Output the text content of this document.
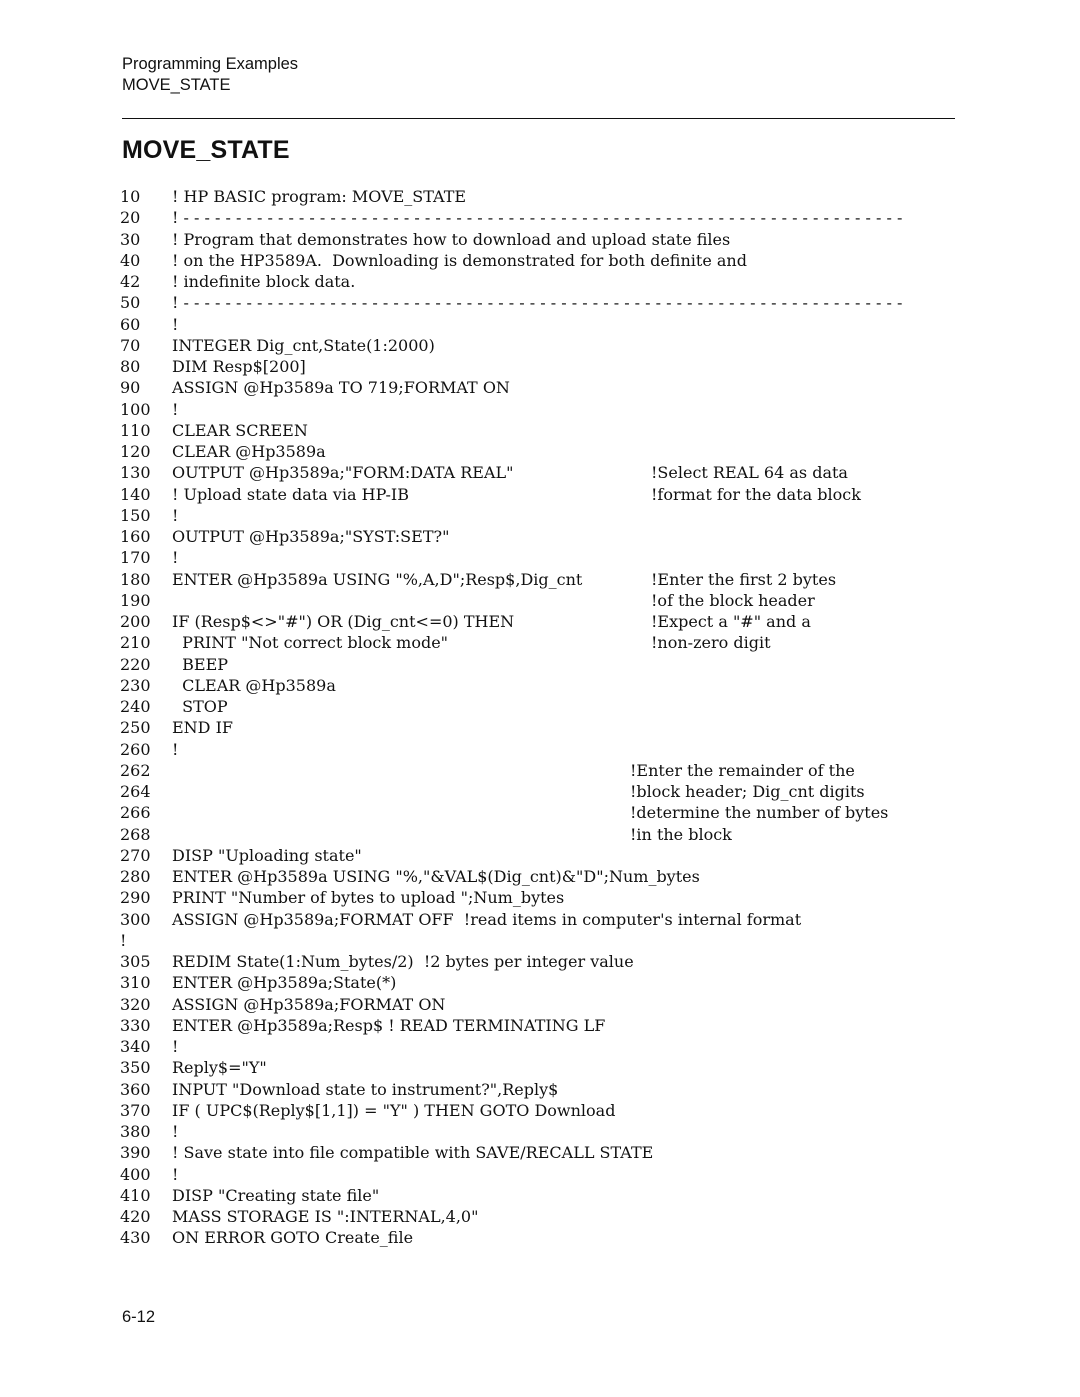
Programming Examples
MOVE_STATE
MOVE_STATE
10 ! HP BASIC program: MOVE_STATE
20 ! - - - - - - - - - - - - - - - - - - - - - - - - - - - - - - - - - - - - - - - - - - - - - - - - - - - - - - - - - - - - - - - - - - - - -
30 ! Program that demonstrates how to download and upload state files
40 ! on the HP3589A.  Downloading is demonstrated for both definite and
42 ! indefinite block data.
50 ! - - - - - - - - - - - - - - - - - - - - - - - - - - - - - - - - - - - - - - - - - - - - - - - - - - - - - - - - - - - - - - - - - - - - -
60 !
70 INTEGER Dig_cnt,State(1:2000)
80 DIM Resp$[200]
90 ASSIGN @Hp3589a TO 719;FORMAT ON
100 !
110 CLEAR SCREEN
120 CLEAR @Hp3589a
130 OUTPUT @Hp3589a;"FORM:DATA REAL"	!Select REAL 64 as data
140 ! Upload state data via HP-IB	!format for the data block
150 !
160 OUTPUT @Hp3589a;"SYST:SET?"
170 !
180 ENTER @Hp3589a USING "%,A,D";Resp$,Dig_cnt	!Enter the first 2 bytes
190	!of the block header
200 IF (Resp$<>"#") OR (Dig_cnt<=0) THEN	!Expect a "#" and a
210 PRINT "Not correct block mode"	!non-zero digit
220 BEEP
230 CLEAR @Hp3589a
240 STOP
250 END IF
260 !
262	!Enter the remainder of the
264	!block header; Dig_cnt digits
266	!determine the number of bytes
268	!in the block
270 DISP "Uploading state"
280 ENTER @Hp3589a USING "%,"&VAL$(Dig_cnt)&"D";Num_bytes
290 PRINT "Number of bytes to upload ";Num_bytes
300 ASSIGN @Hp3589a;FORMAT OFF  !read items in computer's internal format
!
305 REDIM State(1:Num_bytes/2)  !2 bytes per integer value
310 ENTER @Hp3589a;State(*)
320 ASSIGN @Hp3589a;FORMAT ON
330 ENTER @Hp3589a;Resp$ ! READ TERMINATING LF
340 !
350 Reply$="Y"
360 INPUT "Download state to instrument?",Reply$
370 IF ( UPC$(Reply$[1,1]) = "Y" ) THEN GOTO Download
380 !
390 ! Save state into file compatible with SAVE/RECALL STATE
400 !
410 DISP "Creating state file"
420 MASS STORAGE IS ":INTERNAL,4,0"
430 ON ERROR GOTO Create_file
6-12
